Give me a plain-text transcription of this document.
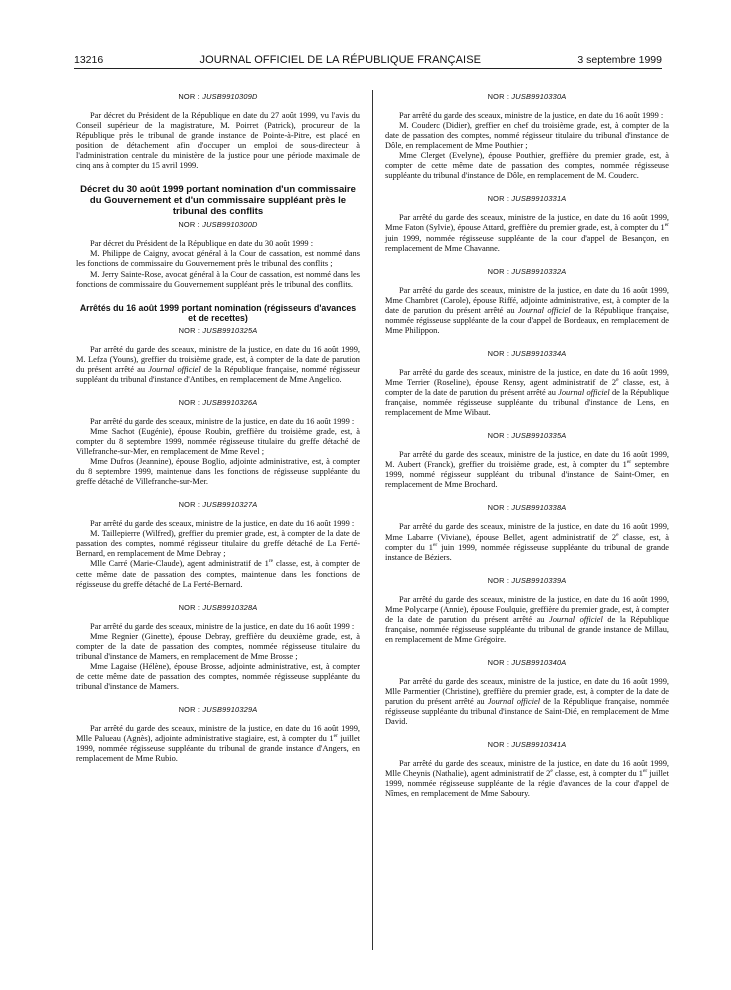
13216	JOURNAL OFFICIEL DE LA RÉPUBLIQUE FRANÇAISE	3 septembre 1999
NOR : JUSB9910309D

Par décret du Président de la République en date du 27 août 1999, vu l'avis du Conseil supérieur de la magistrature, M. Poirret (Patrick), procureur de la République près le tribunal de grande instance de Pointe-à-Pitre, est placé en position de détachement afin d'occuper un emploi de sous-directeur à l'administration centrale du ministère de la justice pour une période maximale de cinq ans à compter du 15 avril 1999.

Décret du 30 août 1999 portant nomination d'un commissaire du Gouvernement et d'un commissaire suppléant près le tribunal des conflits
NOR : JUSB9910300D

Par décret du Président de la République en date du 30 août 1999 :

M. Philippe de Caigny, avocat général à la Cour de cassation, est nommé dans les fonctions de commissaire du Gouvernement près le tribunal des conflits ;

M. Jerry Sainte-Rose, avocat général à la Cour de cassation, est nommé dans les fonctions de commissaire du Gouvernement suppléant près le tribunal des conflits.

Arrêtés du 16 août 1999 portant nomination (régisseurs d'avances et de recettes)
NOR : JUSB9910325A

Par arrêté du garde des sceaux, ministre de la justice, en date du 16 août 1999, M. Lefza (Youns), greffier du troisième grade, est, à compter de la date de parution du présent arrêté au Journal officiel de la République française, nommé régisseur suppléant du tribunal d'instance d'Antibes, en remplacement de Mme Angelico.

NOR : JUSB9910326A

Par arrêté du garde des sceaux, ministre de la justice, en date du 16 août 1999 :

Mme Sachot (Eugénie), épouse Roubin, greffière du troisième grade, est, à compter du 8 septembre 1999, nommée régisseuse titulaire du greffe détaché de Villefranche-sur-Mer, en remplacement de Mme Revel ;

Mme Dufros (Jeannine), épouse Boglio, adjointe administrative, est, à compter du 8 septembre 1999, maintenue dans les fonctions de régisseuse suppléante du greffe détaché de Villefranche-sur-Mer.

NOR : JUSB9910327A

Par arrêté du garde des sceaux, ministre de la justice, en date du 16 août 1999 :

M. Taillepierre (Wilfred), greffier du premier grade, est, à compter de la date de passation des comptes, nommé régisseur titulaire du greffe détaché de La Ferté-Bernard, en remplacement de Mme Debray ;

Mlle Carré (Marie-Claude), agent administratif de 1re classe, est, à compter de cette même date de passation des comptes, maintenue dans les fonctions de régisseuse du greffe détaché de La Ferté-Bernard.

NOR : JUSB9910328A

Par arrêté du garde des sceaux, ministre de la justice, en date du 16 août 1999 :

Mme Regnier (Ginette), épouse Debray, greffière du deuxième grade, est, à compter de la date de passation des comptes, nommée régisseuse titulaire du tribunal d'instance de Mamers, en remplacement de Mme Brosse ;

Mme Lagaise (Hélène), épouse Brosse, adjointe administrative, est, à compter de cette même date de passation des comptes, nommée régisseuse suppléante du tribunal d'instance de Mamers.

NOR : JUSB9910329A

Par arrêté du garde des sceaux, ministre de la justice, en date du 16 août 1999, Mlle Palueau (Agnès), adjointe administrative stagiaire, est, à compter du 1er juillet 1999, nommée régisseuse suppléante du tribunal de grande instance d'Angers, en remplacement de Mme Rubio.

NOR : JUSB9910330A

Par arrêté du garde des sceaux, ministre de la justice, en date du 16 août 1999 :

M. Couderc (Didier), greffier en chef du troisième grade, est, à compter de la date de passation des comptes, nommé régisseur titulaire du tribunal d'instance de Dôle, en remplacement de Mme Pouthier ;

Mme Clerget (Evelyne), épouse Pouthier, greffière du premier grade, est, à compter de cette même date de passation des comptes, nommée régisseuse suppléante du tribunal d'instance de Dôle, en remplacement de M. Couderc.

NOR : JUSB9910331A

Par arrêté du garde des sceaux, ministre de la justice, en date du 16 août 1999, Mme Faton (Sylvie), épouse Attard, greffière du premier grade, est, à compter du 1er juin 1999, nommée régisseuse suppléante de la cour d'appel de Besançon, en remplacement de Mme Chavanne.

NOR : JUSB9910332A

Par arrêté du garde des sceaux, ministre de la justice, en date du 16 août 1999, Mme Chambret (Carole), épouse Riffé, adjointe administrative, est, à compter de la date de parution du présent arrêté au Journal officiel de la République française, nommée régisseuse suppléante de la cour d'appel de Bordeaux, en remplacement de Mme Philippon.

NOR : JUSB9910334A

Par arrêté du garde des sceaux, ministre de la justice, en date du 16 août 1999, Mme Terrier (Roseline), épouse Rensy, agent administratif de 2e classe, est, à compter de la date de parution du présent arrêté au Journal officiel de la République française, nommée régisseuse suppléante du tribunal d'instance de Lens, en remplacement de Mme Wibaut.

NOR : JUSB9910335A

Par arrêté du garde des sceaux, ministre de la justice, en date du 16 août 1999, M. Aubert (Franck), greffier du troisième grade, est, à compter du 1er septembre 1999, nommé régisseur suppléant du tribunal d'instance de Saint-Omer, en remplacement de Mme Brochard.

NOR : JUSB9910338A

Par arrêté du garde des sceaux, ministre de la justice, en date du 16 août 1999, Mme Labarre (Viviane), épouse Bellet, agent administratif de 2e classe, est, à compter du 1er juin 1999, nommée régisseuse suppléante du tribunal de grande instance de Béziers.

NOR : JUSB9910339A

Par arrêté du garde des sceaux, ministre de la justice, en date du 16 août 1999, Mme Polycarpe (Annie), épouse Foulquie, greffière du premier grade, est, à compter de la date de parution du présent arrêté au Journal officiel de la République française, nommée régisseuse suppléante du tribunal de grande instance de Millau, en remplacement de Mme Grégoire.

NOR : JUSB9910340A

Par arrêté du garde des sceaux, ministre de la justice, en date du 16 août 1999, Mlle Parmentier (Christine), greffière du premier grade, est, à compter de la date de parution du présent arrêté au Journal officiel de la République française, nommée régisseuse suppléante du tribunal d'instance de Saint-Dié, en remplacement de Mme David.

NOR : JUSB9910341A

Par arrêté du garde des sceaux, ministre de la justice, en date du 16 août 1999, Mlle Cheynis (Nathalie), agent administratif de 2e classe, est, à compter du 1er juillet 1999, nommée régisseuse suppléante de la régie d'avances de la cour d'appel de Nîmes, en remplacement de Mme Saboury.
